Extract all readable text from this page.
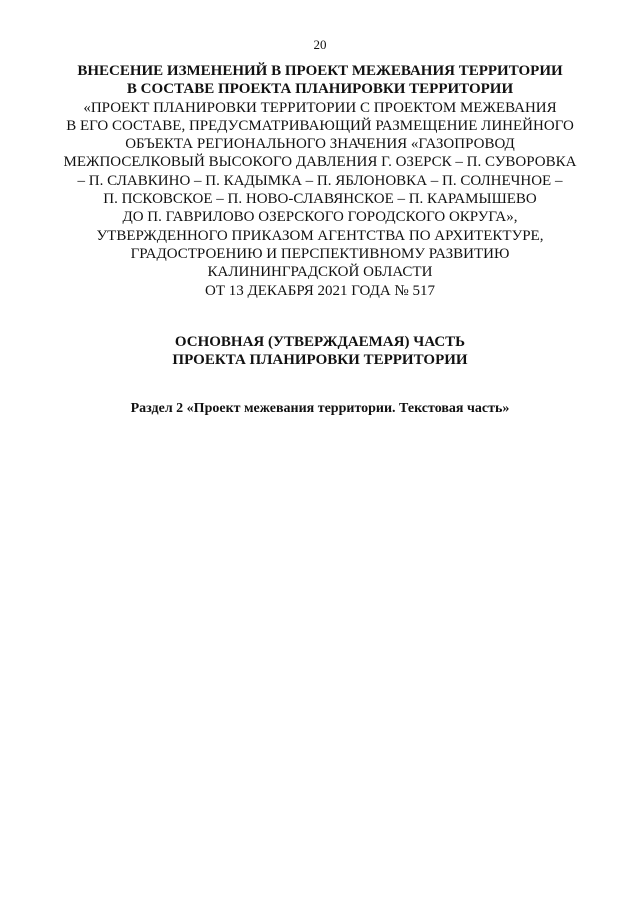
20
ВНЕСЕНИЕ ИЗМЕНЕНИЙ В ПРОЕКТ МЕЖЕВАНИЯ ТЕРРИТОРИИ
В СОСТАВЕ ПРОЕКТА ПЛАНИРОВКИ ТЕРРИТОРИИ
«ПРОЕКТ ПЛАНИРОВКИ ТЕРРИТОРИИ С ПРОЕКТОМ МЕЖЕВАНИЯ
В ЕГО СОСТАВЕ, ПРЕДУСМАТРИВАЮЩИЙ РАЗМЕЩЕНИЕ ЛИНЕЙНОГО
ОБЪЕКТА РЕГИОНАЛЬНОГО ЗНАЧЕНИЯ «ГАЗОПРОВОД
МЕЖПОСЕЛКОВЫЙ ВЫСОКОГО ДАВЛЕНИЯ Г. ОЗЕРСК – П. СУВОРОВКА
– П. СЛАВКИНО – П. КАДЫМКА – П. ЯБЛОНОВКА – П. СОЛНЕЧНОЕ –
П. ПСКОВСКОЕ – П. НОВО-СЛАВЯНСКОЕ – П. КАРАМЫШЕВО
ДО П. ГАВРИЛОВО ОЗЕРСКОГО ГОРОДСКОГО ОКРУГА»,
УТВЕРЖДЕННОГО ПРИКАЗОМ АГЕНТСТВА ПО АРХИТЕКТУРЕ,
ГРАДОСТРОЕНИЮ И ПЕРСПЕКТИВНОМУ РАЗВИТИЮ
КАЛИНИНГРАДСКОЙ ОБЛАСТИ
ОТ 13 ДЕКАБРЯ 2021 ГОДА № 517
ОСНОВНАЯ (УТВЕРЖДАЕМАЯ) ЧАСТЬ
ПРОЕКТА ПЛАНИРОВКИ ТЕРРИТОРИИ
Раздел 2 «Проект межевания территории. Текстовая часть»
